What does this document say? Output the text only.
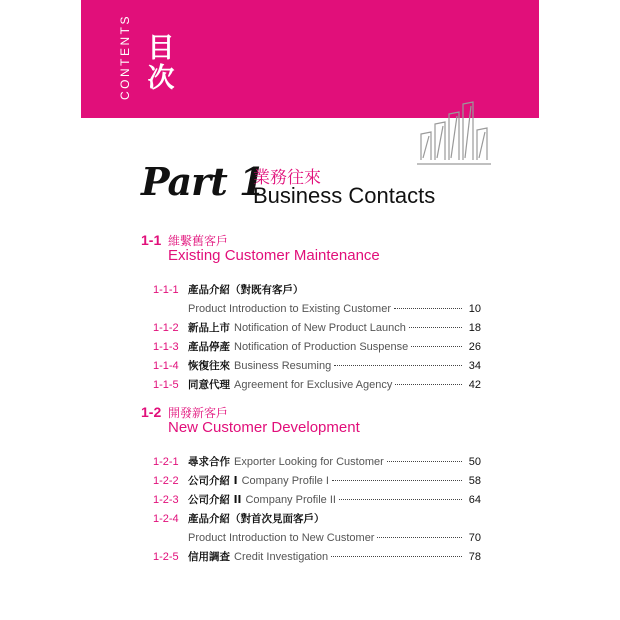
CONTENTS 目
次
Part 1
業務往來
Business Contacts
1-1 維繫舊客戶
Existing Customer Maintenance
1-1-1 產品介紹（對既有客戶）
Product Introduction to Existing Customer	10
1-1-2 新品上市 Notification of New Product Launch	18
1-1-3 產品停產 Notification of Production Suspense	26
1-1-4 恢復往來 Business Resuming	34
1-1-5 同意代理 Agreement for Exclusive Agency	42
1-2 開發新客戶
New Customer Development
1-2-1 尋求合作 Exporter Looking for Customer	50
1-2-2 公司介紹 I Company Profile I	58
1-2-3 公司介紹 II Company Profile II	64
1-2-4 產品介紹（對首次見面客戶）
Product Introduction to New Customer	70
1-2-5 信用調查 Credit Investigation	78
